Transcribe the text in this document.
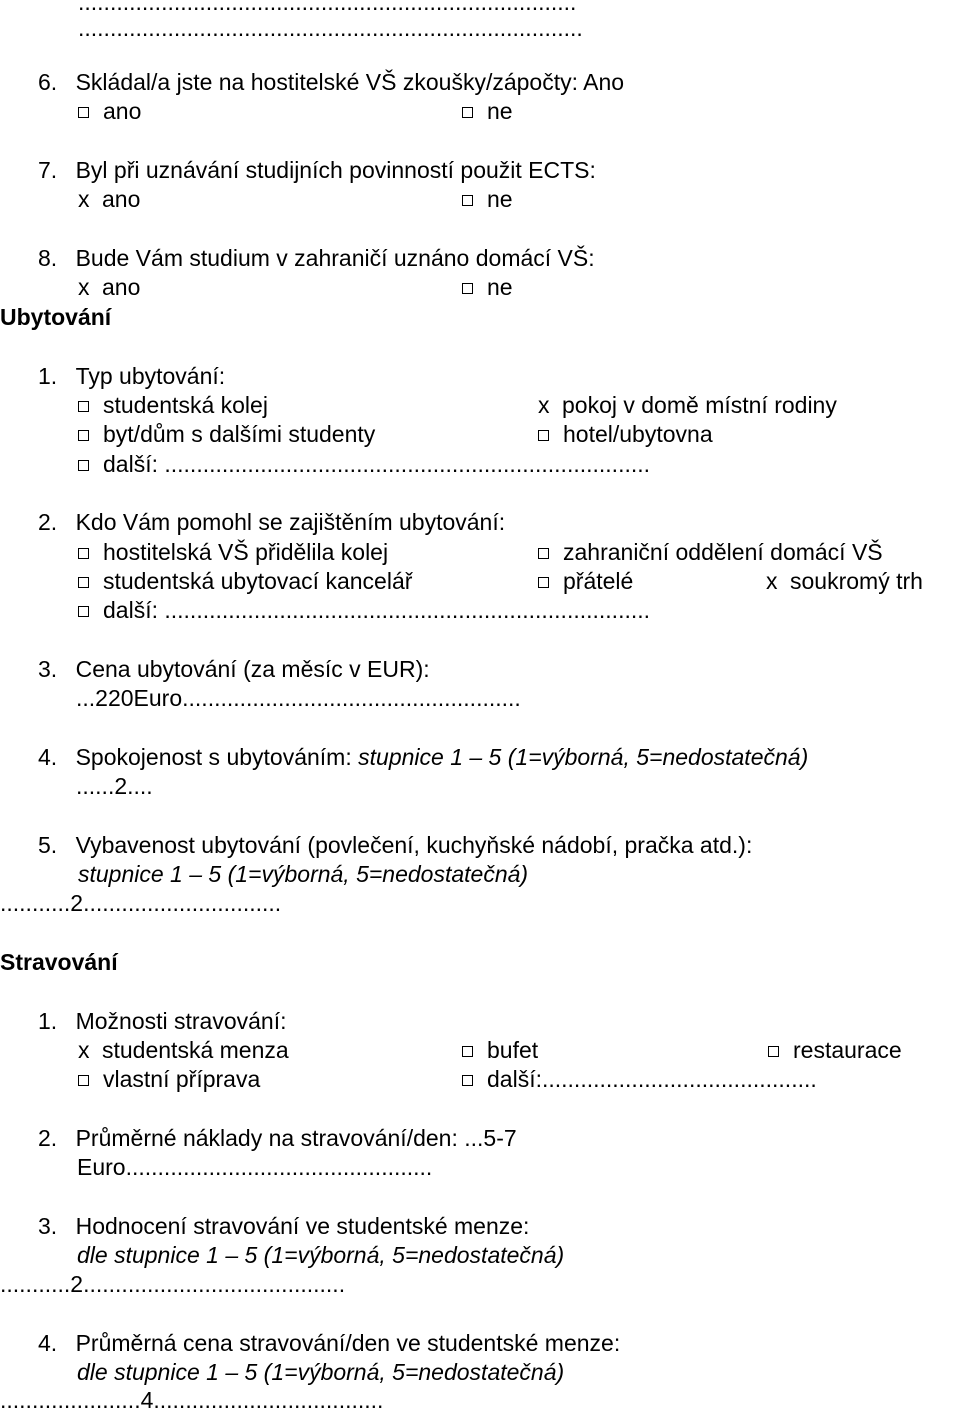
..............................................................................
...............................................................................
6. Skládal/a jste na hostitelské VŠ zkoušky/zápočty: Ano
ano	ne
7. Byl při uznávání studijních povinností použit ECTS:
x ano	ne
8. Bude Vám studium v zahraničí uznáno domácí VŠ:
x ano	ne
Ubytování
1. Typ ubytování:
studentská kolej	x pokoj v domě místní rodiny
byt/dům s dalšími studenty	hotel/ubytovna
další: ............................................................................
2. Kdo Vám pomohl se zajištěním ubytování:
hostitelská VŠ přidělila kolej	zahraniční oddělení domácí VŠ
studentská ubytovací kancelář	přátelé	x soukromý trh
další: ............................................................................
3. Cena ubytování (za měsíc v EUR):
...220Euro.....................................................
4. Spokojenost s ubytováním: stupnice 1 – 5 (1=výborná, 5=nedostatečná)
......2....
5. Vybavenost ubytování (povlečení, kuchyňské nádobí, pračka atd.):
stupnice 1 – 5 (1=výborná, 5=nedostatečná)
...........2...............................
Stravování
1. Možnosti stravování:
x studentská menza	bufet	restaurace
vlastní příprava	další:...........................................
2. Průměrné náklady na stravování/den: ...5-7
Euro................................................
3. Hodnocení stravování ve studentské menze:
dle stupnice 1 – 5 (1=výborná, 5=nedostatečná)
...........2.........................................
4. Průměrná cena stravování/den ve studentské menze:
dle stupnice 1 – 5 (1=výborná, 5=nedostatečná)
......................4....................................
